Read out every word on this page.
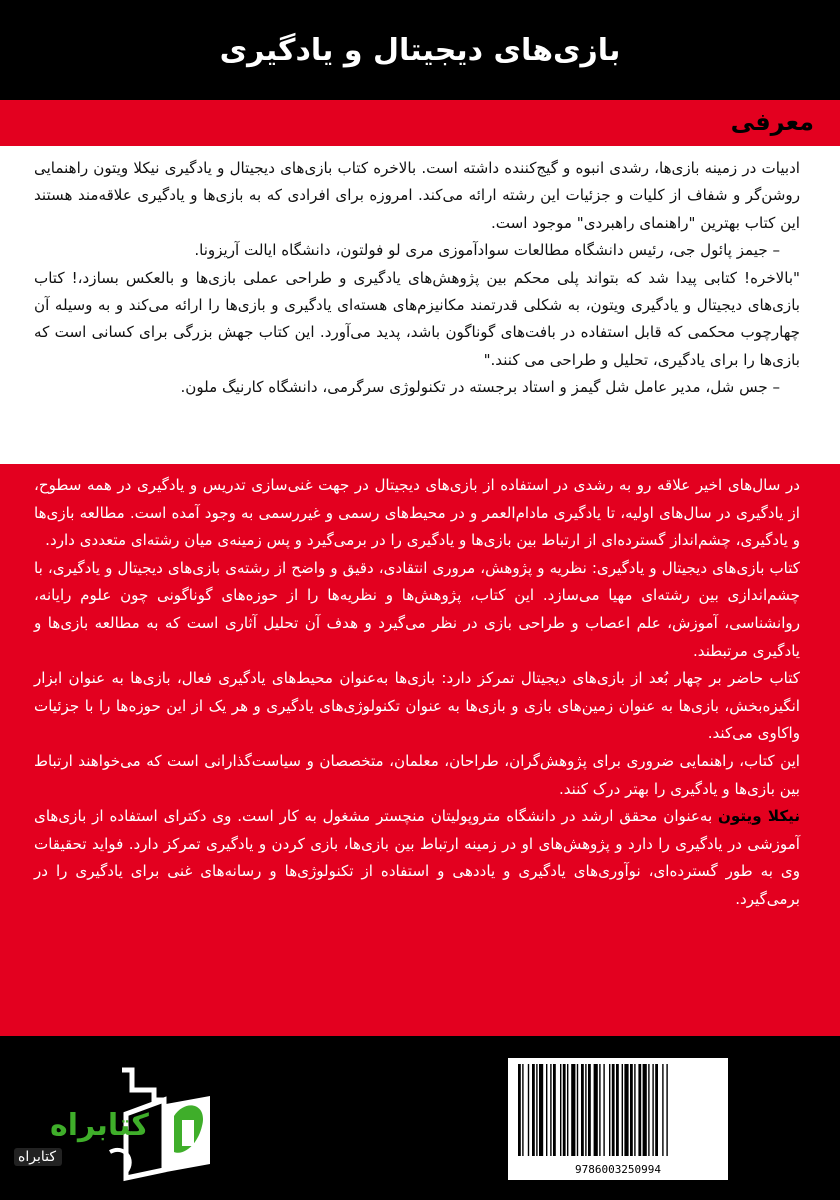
بازی‌های دیجیتال و یادگیری
معرفی

ادبیات در زمینه بازی‌ها، رشدی انبوه و گیج‌کننده داشته است. بالاخره کتاب بازی‌های دیجیتال و یادگیری نیکلا ویتون راهنمایی روشن‌گر و شفاف از کلیات و جزئیات این رشته ارائه می‌کند. امروزه برای افرادی که به بازی‌ها و یادگیری علاقه‌مند هستند این کتاب بهترین "راهنمای راهبردی" موجود است.

– جیمز پائول جی، رئیس دانشگاه مطالعات سوادآموزی مری لو فولتون، دانشگاه ایالت آریزونا.

"بالاخره! کتابی پیدا شد که بتواند پلی محکم بین پژوهش‌های یادگیری و طراحی عملی بازی‌ها و بالعکس بسازد،! کتاب بازی‌های دیجیتال و یادگیری ویتون، به شکلی قدرتمند مکانیزم‌های هسته‌ای یادگیری و بازی‌ها را ارائه می‌کند و به وسیله آن چهارچوب محکمی که قابل استفاده در بافت‌های گوناگون باشد، پدید می‌آورد. این کتاب جهش بزرگی برای کسانی است که بازی‌ها را برای یادگیری، تحلیل و طراحی می کنند."

– جس شل، مدیر عامل شل گیمز و استاد برجسته در تکنولوژی سرگرمی، دانشگاه کارنیگ ملون.

در سال‌های اخیر علاقه رو به رشدی در استفاده از بازی‌های دیجیتال در جهت غنی‌سازی تدریس و یادگیری در همه سطوح، از یادگیری در سال‌های اولیه، تا یادگیری مادام‌العمر و در محیط‌های رسمی و غیررسمی به وجود آمده است. مطالعه بازی‌ها و یادگیری، چشم‌انداز گسترده‌ای از ارتباط بین بازی‌ها و یادگیری را در برمی‌گیرد و پس زمینه‌ی میان رشته‌ای متعددی دارد.

کتاب بازی‌های دیجیتال و یادگیری: نظریه و پژوهش، مروری انتقادی، دقیق و واضح از رشته‌ی بازی‌های دیجیتال و یادگیری، با چشم‌اندازی بین رشته‌ای مهیا می‌سازد. این کتاب، پژوهش‌ها و نظریه‌ها را از حوزه‌های گوناگونی چون علوم رایانه، روانشناسی، آموزش، علم اعصاب و طراحی بازی در نظر می‌گیرد و هدف آن تحلیل آثاری است که به مطالعه بازی‌ها و یادگیری مرتبطند.

کتاب حاضر بر چهار بُعد از بازی‌های دیجیتال تمرکز دارد: بازی‌ها به‌عنوان محیط‌های یادگیری فعال، بازی‌ها به عنوان ابزار انگیزه‌بخش، بازی‌ها به عنوان زمین‌های بازی و بازی‌ها به عنوان تکنولوژی‌های یادگیری و هر یک از این حوزه‌ها را با جزئیات واکاوی می‌کند.

این کتاب، راهنمایی ضروری برای پژوهش‌گران، طراحان، معلمان، متخصصان و سیاست‌گذارانی است که می‌خواهند ارتباط بین بازی‌ها و یادگیری را بهتر درک کنند.

نیکلا ویتون به‌عنوان محقق ارشد در دانشگاه متروپولیتان منچستر مشغول به کار است. وی دکترای استفاده از بازی‌های آموزشی در یادگیری را دارد و پژوهش‌های او در زمینه ارتباط بین بازی‌ها، بازی کردن و یادگیری تمرکز دارد. فواید تحقیقات وی به طور گسترده‌ای، نوآوری‌های یادگیری و یاددهی و استفاده از تکنولوژی‌ها و رسانه‌های غنی برای یادگیری را در برمی‌گیرد.

کتابراه
کتابراه
9786003250994
